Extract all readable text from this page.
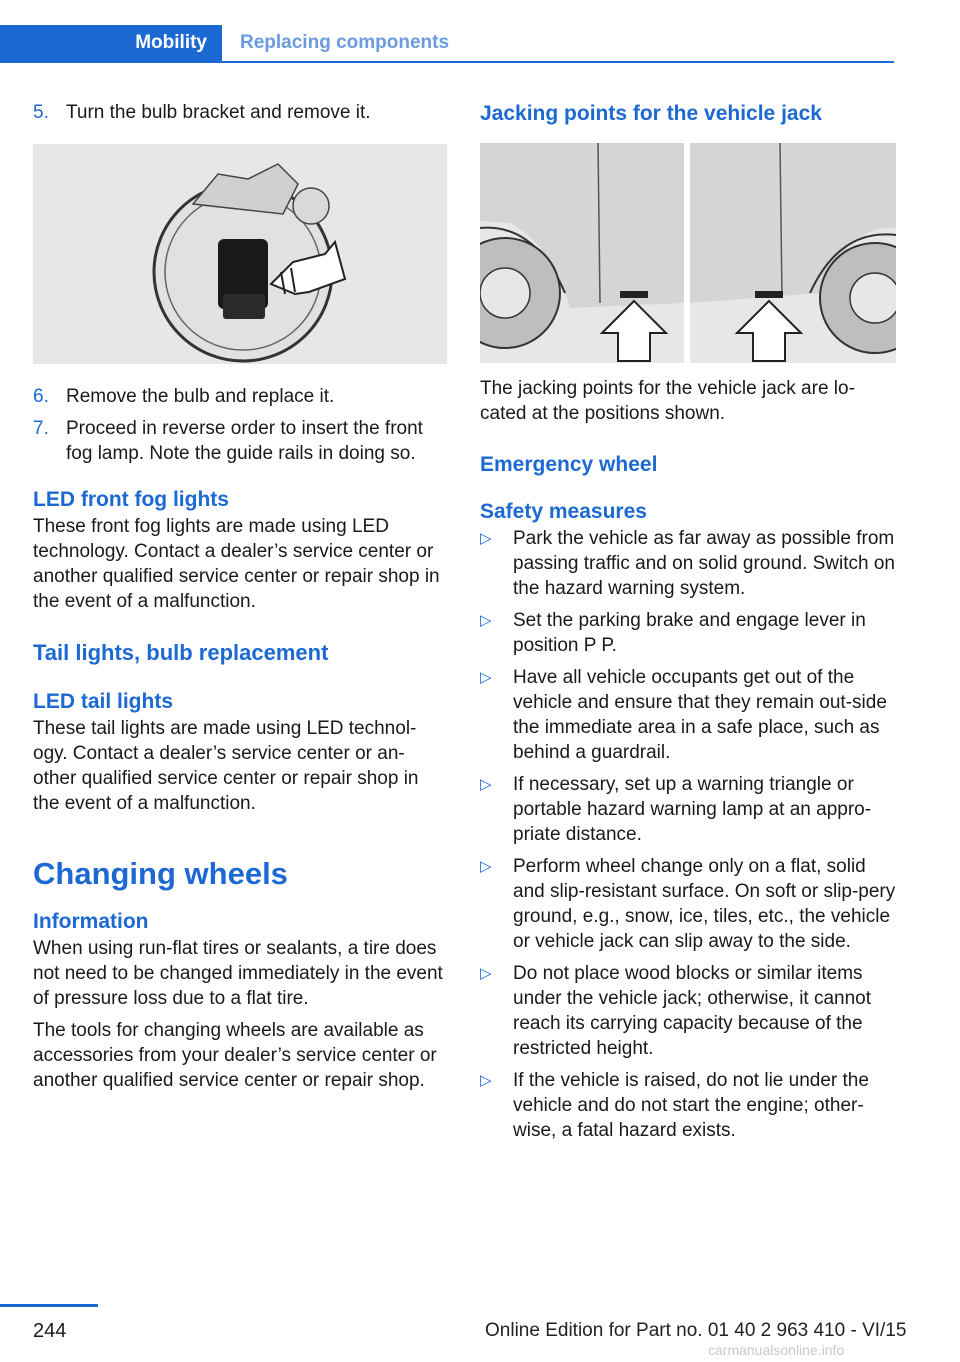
Mobility Replacing components
5. Turn the bulb bracket and remove it.
6. Remove the bulb and replace it.
7. Proceed in reverse order to insert the front fog lamp. Note the guide rails in doing so.
LED front fog lights

These front fog lights are made using LED technology. Contact a dealer’s service center or another qualified service center or repair shop in the event of a malfunction.

Tail lights, bulb replacement
LED tail lights

These tail lights are made using LED technol‐ogy. Contact a dealer’s service center or an‐other qualified service center or repair shop in the event of a malfunction.

Changing wheels
Information

When using run-flat tires or sealants, a tire does not need to be changed immediately in the event of pressure loss due to a flat tire.

The tools for changing wheels are available as accessories from your dealer’s service center or another qualified service center or repair shop.

Jacking points for the vehicle jack

The jacking points for the vehicle jack are lo‐cated at the positions shown.

Emergency wheel
Safety measures
▷ Park the vehicle as far away as possible from passing traffic and on solid ground. Switch on the hazard warning system.
▷ Set the parking brake and engage lever in position P P.
▷ Have all vehicle occupants get out of the vehicle and ensure that they remain out‐side the immediate area in a safe place, such as behind a guardrail.
▷ If necessary, set up a warning triangle or portable hazard warning lamp at an appro‐priate distance.
▷ Perform wheel change only on a flat, solid and slip-resistant surface. On soft or slip‐pery ground, e.g., snow, ice, tiles, etc., the vehicle or vehicle jack can slip away to the side.
▷ Do not place wood blocks or similar items under the vehicle jack; otherwise, it cannot reach its carrying capacity because of the restricted height.
▷ If the vehicle is raised, do not lie under the vehicle and do not start the engine; other‐wise, a fatal hazard exists.
244	Online Edition for Part no. 01 40 2 963 410 - VI/15
carmanualsonline.info
